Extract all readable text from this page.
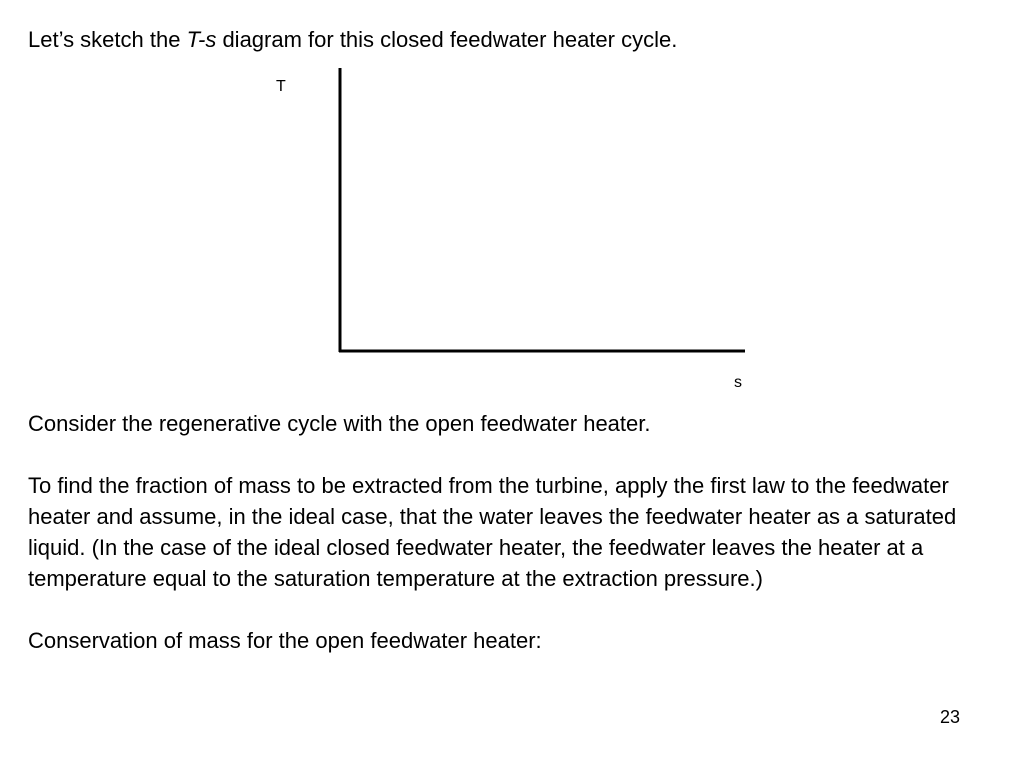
Let’s sketch the T-s diagram for this closed feedwater heater cycle.
T
s

Consider the regenerative cycle with the open feedwater heater.

To find the fraction of mass to be extracted from the turbine, apply the first law to the feedwater heater and assume, in the ideal case, that the water leaves the feedwater heater as a saturated liquid. (In the case of the ideal closed feedwater heater, the feedwater leaves the heater at a temperature equal to the saturation temperature at the extraction pressure.)

Conservation of mass for the open feedwater heater:

23
